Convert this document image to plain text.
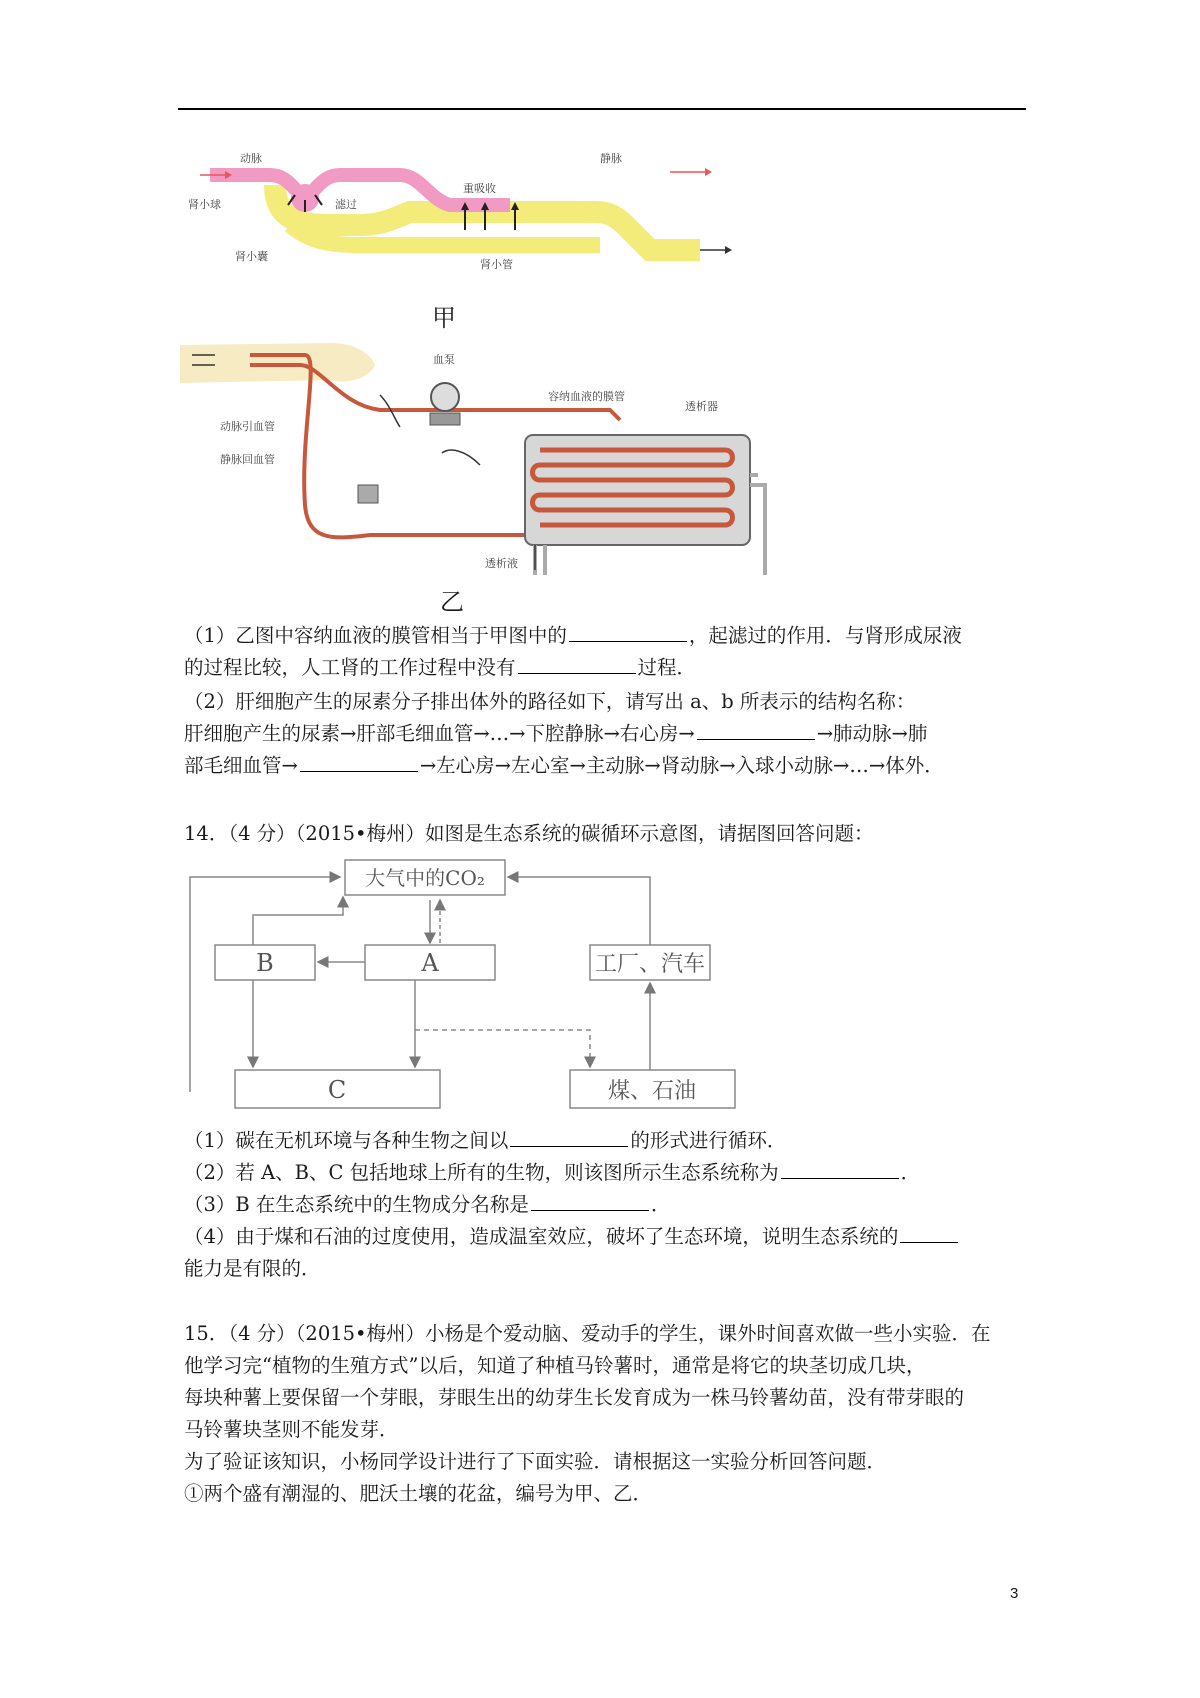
动脉	静脉
肾小球	滤过
重吸收
肾小囊
肾小管
甲
血泵
容纳血液的膜管
透析器
动脉引血管
静脉回血管
透析液
乙
（1）乙图中容纳血液的膜管相当于甲图中的	，起滤过的作用．与肾形成尿液
的过程比较，人工肾的工作过程中没有	过程．
（2）肝细胞产生的尿素分子排出体外的路径如下，请写出 a、b 所表示的结构名称：
肝细胞产生的尿素→肝部毛细血管→…→下腔静脉→右心房→	→肺动脉→肺
部毛细血管→	→左心房→左心室→主动脉→肾动脉→入球小动脉→…→体外．
14．（4 分）（2015•梅州）如图是生态系统的碳循环示意图，请据图回答问题：
大气中的CO₂
B	A	工厂、汽车
C	煤、石油
（1）碳在无机环境与各种生物之间以	的形式进行循环．
（2）若 A、B、C 包括地球上所有的生物，则该图所示生态系统称为	．
（3）B 在生态系统中的生物成分名称是	．
（4）由于煤和石油的过度使用，造成温室效应，破坏了生态环境，说明生态系统的
能力是有限的．
15．（4 分）（2015•梅州）小杨是个爱动脑、爱动手的学生，课外时间喜欢做一些小实验．在
他学习完“植物的生殖方式”以后，知道了种植马铃薯时，通常是将它的块茎切成几块，
每块种薯上要保留一个芽眼，芽眼生出的幼芽生长发育成为一株马铃薯幼苗，没有带芽眼的
马铃薯块茎则不能发芽．
为了验证该知识，小杨同学设计进行了下面实验．请根据这一实验分析回答问题．
①两个盛有潮湿的、肥沃土壤的花盆，编号为甲、乙．
3
